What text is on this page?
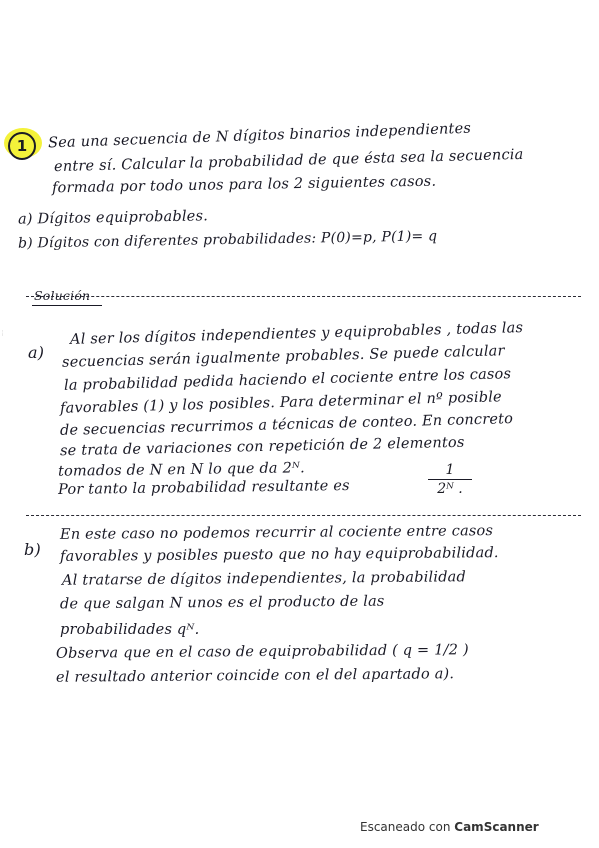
1	Sea una secuencia de N dígitos binarios independientes
entre sí. Calcular la probabilidad de que ésta sea la secuencia
formada por todo unos para los 2 siguientes casos.
a) Dígitos equiprobables.
b) Dígitos con diferentes probabilidades: P(0)=p, P(1)= q
Solución
·····
a)
Al ser los dígitos independientes y equiprobables , todas las
secuencias serán igualmente probables. Se puede calcular
la probabilidad pedida haciendo el cociente entre los casos
favorables (1) y los posibles. Para determinar el nº posible
de secuencias recurrimos a técnicas de conteo. En concreto
se trata de variaciones con repetición de 2 elementos
tomados de N en N lo que da 2ᴺ.
Por tanto la probabilidad resultante es
1
2ᴺ .
b)
En este caso no podemos recurrir al cociente entre casos
favorables y posibles puesto que no hay equiprobabilidad.
Al tratarse de dígitos independientes, la probabilidad
de que salgan N unos es el producto de las
probabilidades qᴺ.
Observa que en el caso de equiprobabilidad ( q = 1/2 )
el resultado anterior coincide con el del apartado a).
Escaneado con CamScanner
